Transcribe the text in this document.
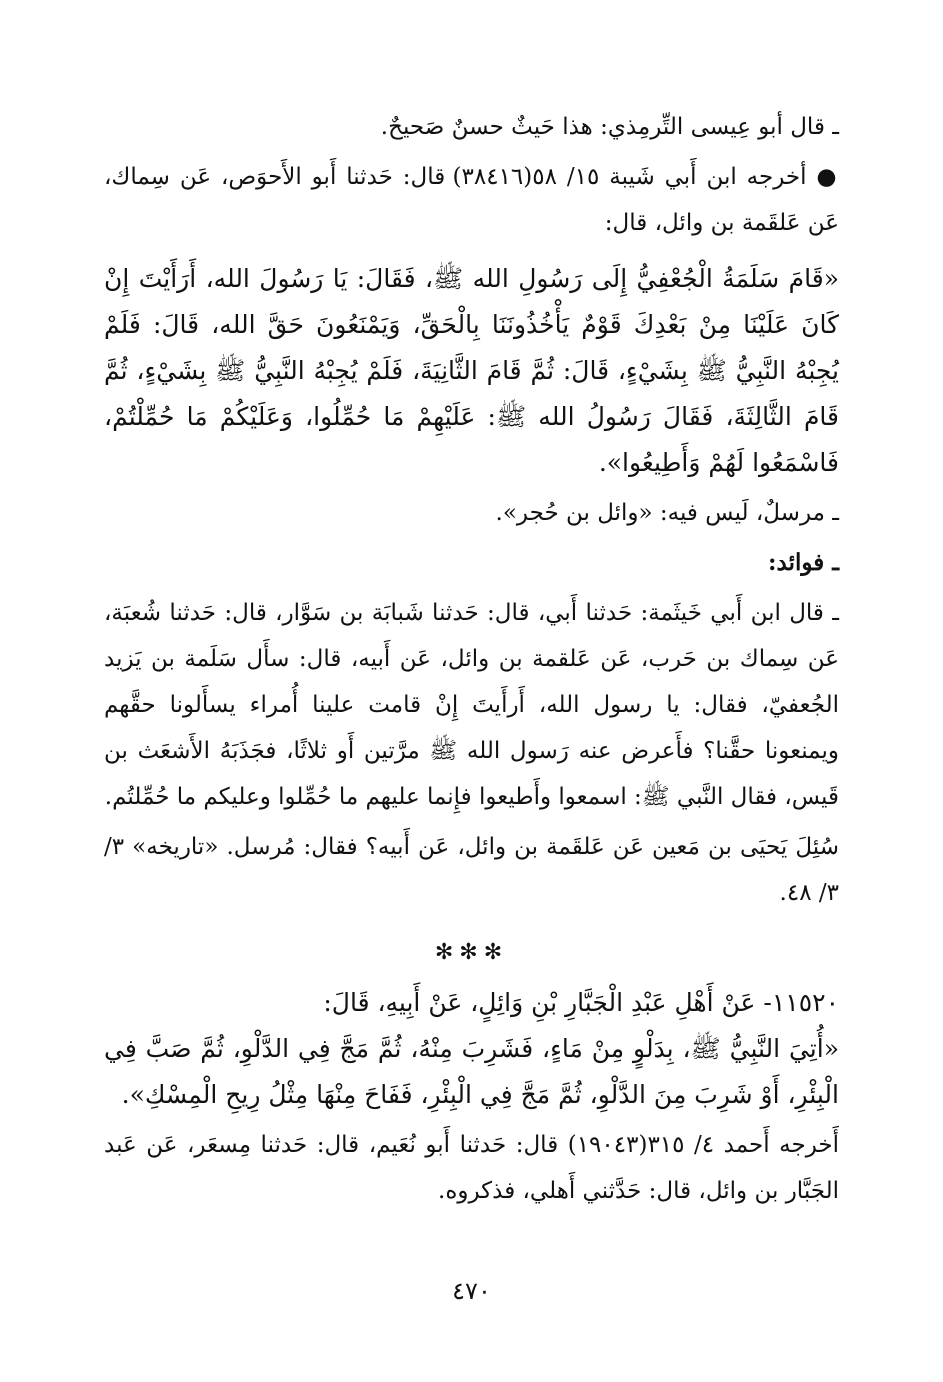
ـ قال أبو عِيسى التِّرمِذي: هذا حَيثٌ حسنٌ صَحيحٌ.

● أخرجه ابن أَبي شَيبة ١٥/ ٥٨(٣٨٤١٦) قال: حَدثنا أَبو الأَحوَص، عَن سِماك، عَن عَلقَمة بن وائل، قال:

«قَامَ سَلَمَةُ الْجُعْفِيُّ إِلَى رَسُولِ الله ﷺ، فَقَالَ: يَا رَسُولَ الله، أَرَأَيْتَ إِنْ كَانَ عَلَيْنَا مِنْ بَعْدِكَ قَوْمٌ يَأْخُذُونَنَا بِالْحَقِّ، وَيَمْنَعُونَ حَقَّ الله، قَالَ: فَلَمْ يُجِبْهُ النَّبِيُّ ﷺ بِشَيْءٍ، قَالَ: ثُمَّ قَامَ الثَّانِيَةَ، فَلَمْ يُجِبْهُ النَّبِيُّ ﷺ بِشَيْءٍ، ثُمَّ قَامَ الثَّالِثَةَ، فَقَالَ رَسُولُ الله ﷺ: عَلَيْهِمْ مَا حُمِّلُوا، وَعَلَيْكُمْ مَا حُمِّلْتُمْ، فَاسْمَعُوا لَهُمْ وَأَطِيعُوا».

ـ مرسلٌ، لَيس فيه: «وائل بن حُجر».

ـ فوائد:

ـ قال ابن أَبي خَيثَمة: حَدثنا أَبي، قال: حَدثنا شَبابَة بن سَوَّار، قال: حَدثنا شُعبَة، عَن سِماك بن حَرب، عَن عَلقمة بن وائل، عَن أَبيه، قال: سأَل سَلَمة بن يَزيد الجُعفيّ، فقال: يا رسول الله، أَرأَيتَ إِنْ قامت علينا أُمراء يسأَلونا حقَّهم ويمنعونا حقَّنا؟ فأَعرض عنه رَسول الله ﷺ مرَّتين أَو ثلاثًا، فجَذَبَهُ الأَشعَث بن قَيس، فقال النَّبي ﷺ: اسمعوا وأَطيعوا فإِنما عليهم ما حُمِّلوا وعليكم ما حُمِّلتُم.

سُئِلَ يَحيَى بن مَعين عَن عَلقَمة بن وائل، عَن أَبيه؟ فقال: مُرسل. «تاريخه» ٣/ ٣/ ٤٨.

✻✻✻

١١٥٢٠- عَنْ أَهْلِ عَبْدِ الْجَبَّارِ بْنِ وَائِلٍ، عَنْ أَبِيهِ، قَالَ:

«أُتِيَ النَّبِيُّ ﷺ، بِدَلْوٍ مِنْ مَاءٍ، فَشَرِبَ مِنْهُ، ثُمَّ مَجَّ فِي الدَّلْوِ، ثُمَّ صَبَّ فِي الْبِئْرِ، أَوْ شَرِبَ مِنَ الدَّلْوِ، ثُمَّ مَجَّ فِي الْبِئْرِ، فَفَاحَ مِنْهَا مِثْلُ رِيحِ الْمِسْكِ».

أَخرجه أَحمد ٤/ ٣١٥(١٩٠٤٣) قال: حَدثنا أَبو نُعَيم، قال: حَدثنا مِسعَر، عَن عَبد الجَبَّار بن وائل، قال: حَدَّثني أَهلي، فذكروه.

٤٧٠
